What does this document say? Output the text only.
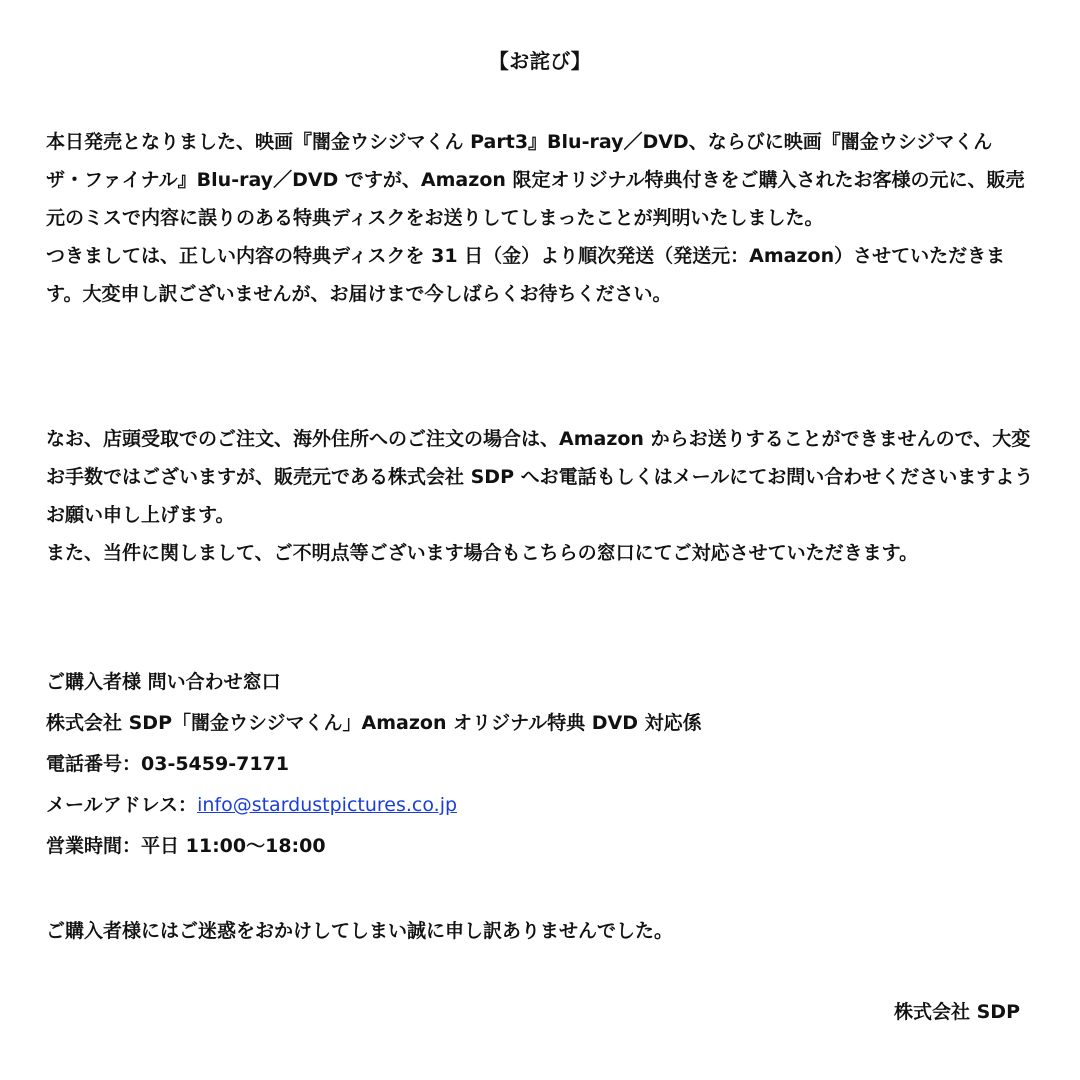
【お詫び】

本日発売となりました、映画『闇金ウシジマくん Part3』Blu-ray／DVD、ならびに映画『闇金ウシジマくん ザ・ファイナル』Blu-ray／DVD ですが、Amazon 限定オリジナル特典付きをご購入されたお客様の元に、販売元のミスで内容に誤りのある特典ディスクをお送りしてしまったことが判明いたしました。
つきましては、正しい内容の特典ディスクを 31 日（金）より順次発送（発送元：Amazon）させていただきます。大変申し訳ございませんが、お届けまで今しばらくお待ちください。

なお、店頭受取でのご注文、海外住所へのご注文の場合は、Amazon からお送りすることができませんので、大変お手数ではございますが、販売元である株式会社 SDP へお電話もしくはメールにてお問い合わせくださいますようお願い申し上げます。
また、当件に関しまして、ご不明点等ございます場合もこちらの窓口にてご対応させていただきます。

ご購入者様 問い合わせ窓口
株式会社 SDP「闇金ウシジマくん」Amazon オリジナル特典 DVD 対応係
電話番号：03-5459-7171
メールアドレス：info@stardustpictures.co.jp
営業時間：平日 11:00～18:00
ご購入者様にはご迷惑をおかけしてしまい誠に申し訳ありませんでした。
株式会社 SDP
